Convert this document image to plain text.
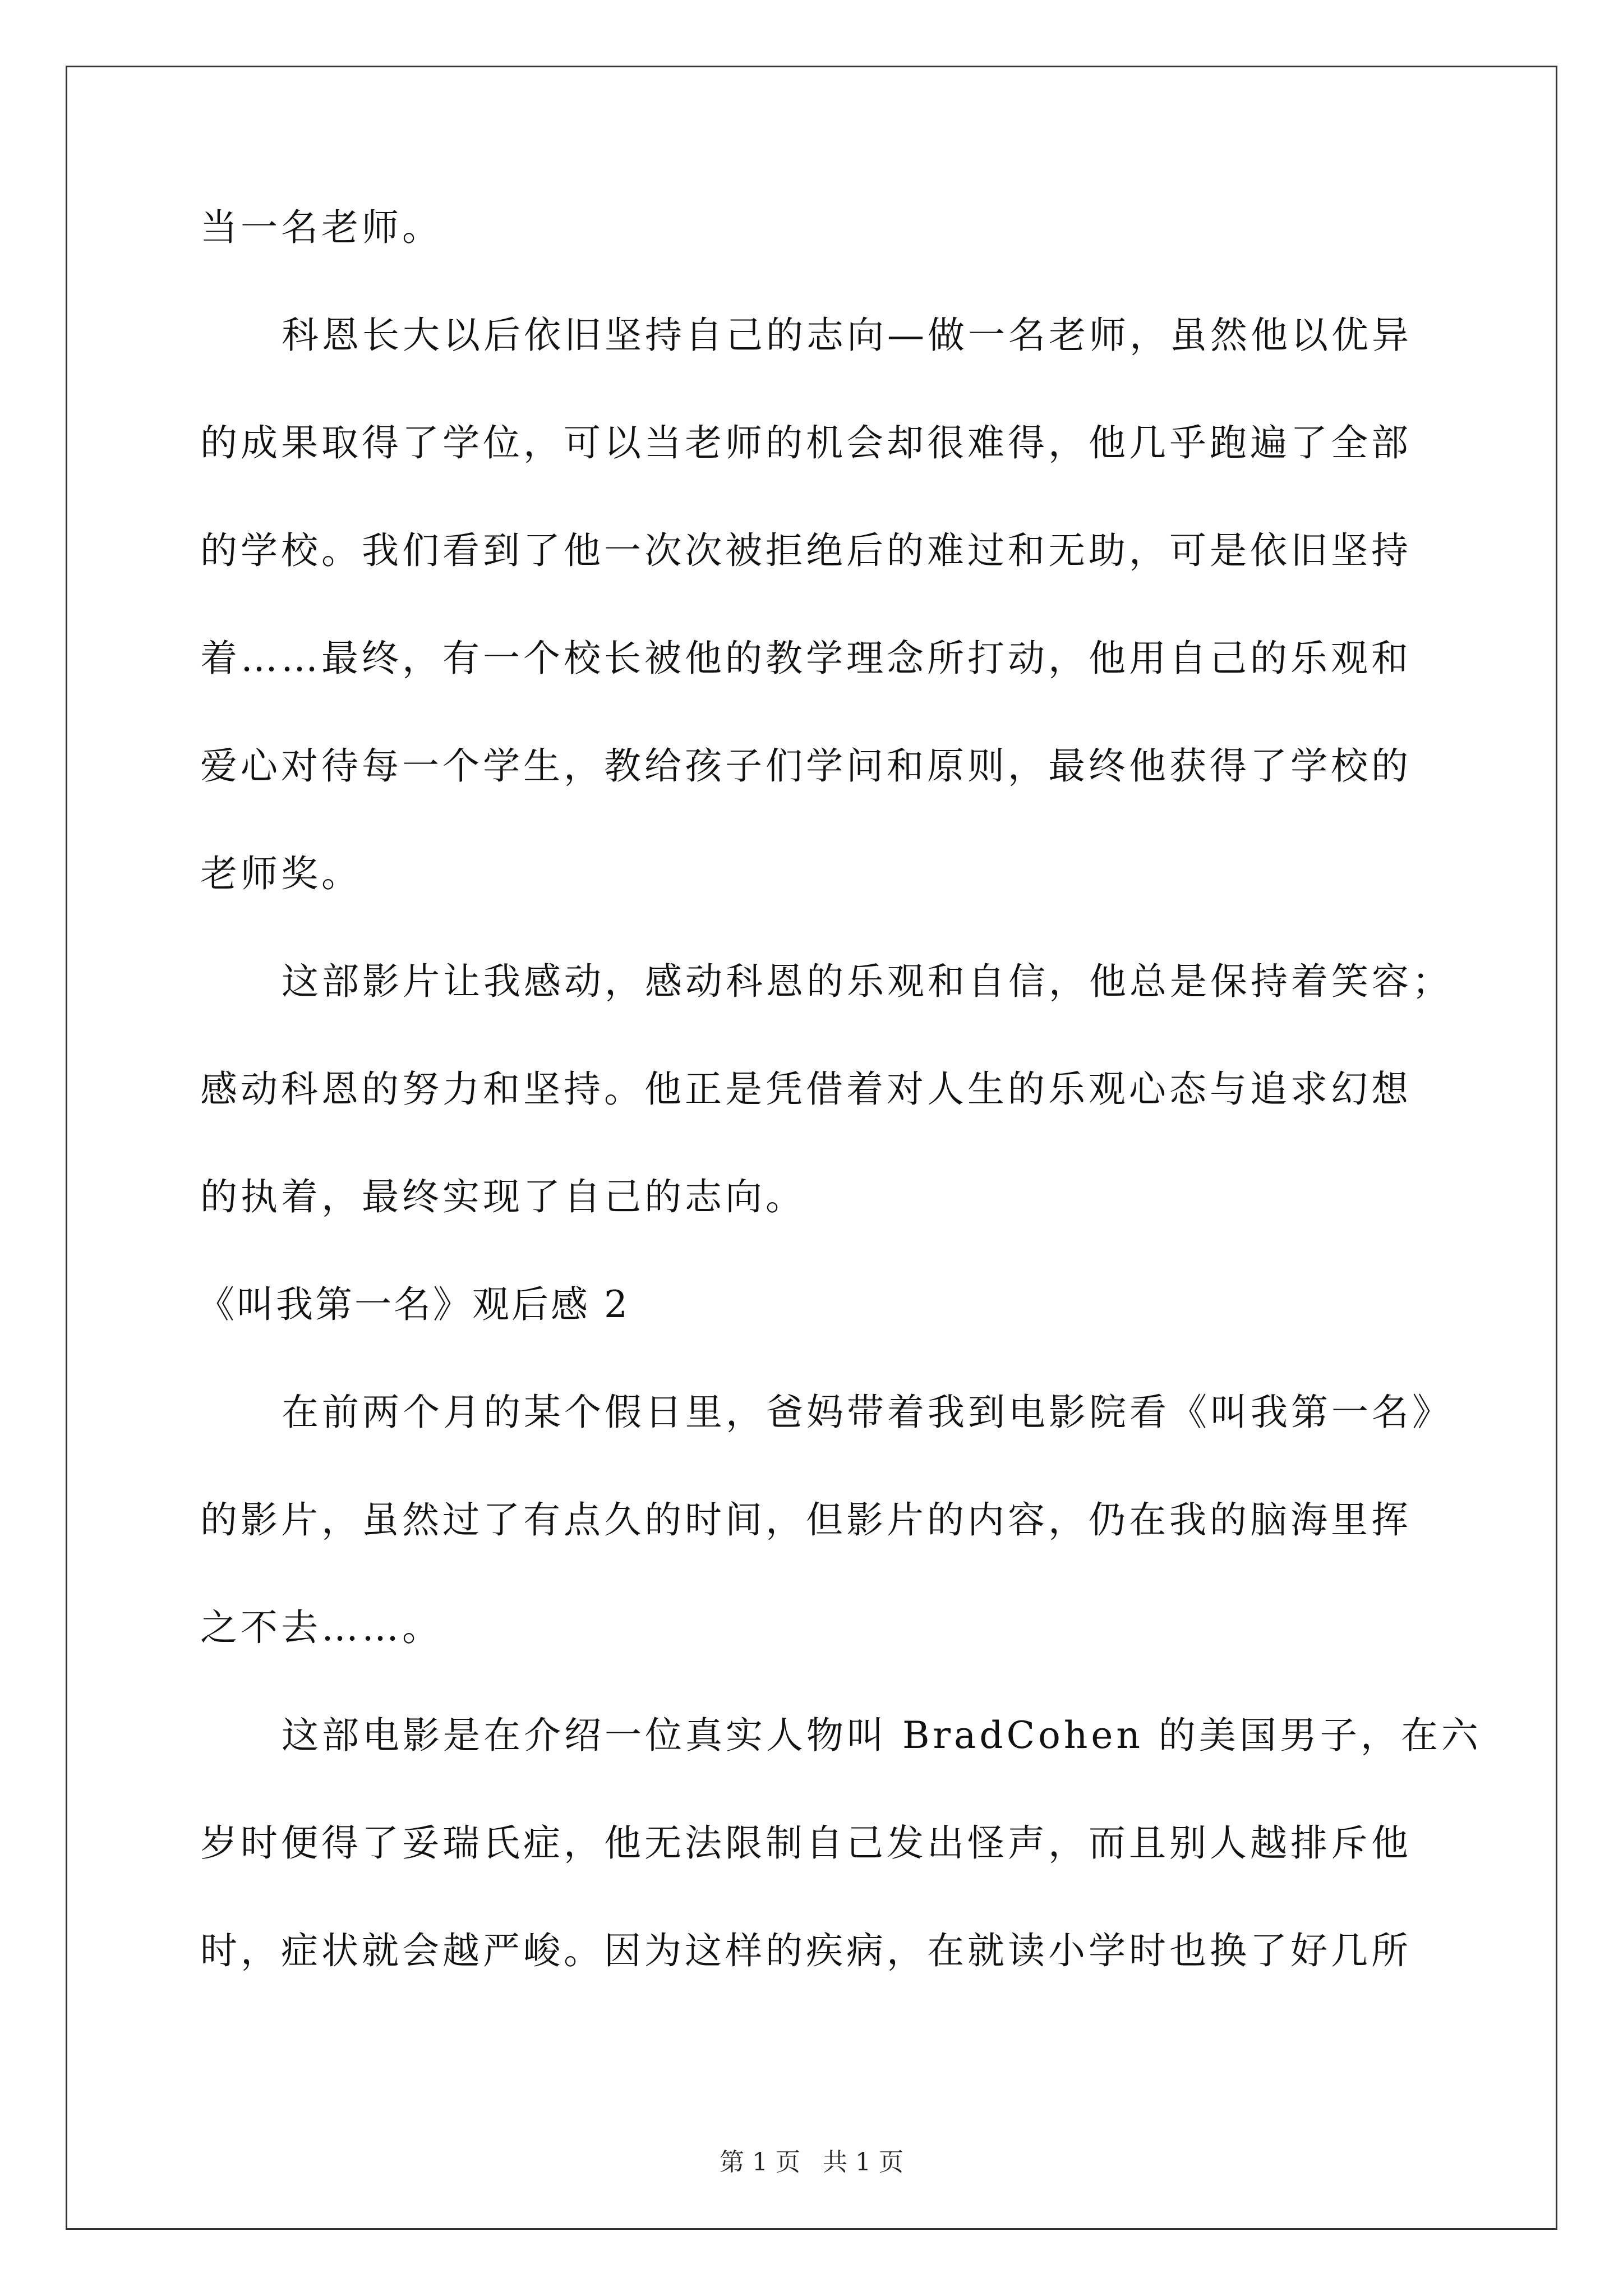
当一名老师。
科恩长大以后依旧坚持自己的志向—做一名老师，虽然他以优异
的成果取得了学位，可以当老师的机会却很难得，他几乎跑遍了全部
的学校。我们看到了他一次次被拒绝后的难过和无助，可是依旧坚持
着……最终，有一个校长被他的教学理念所打动，他用自己的乐观和
爱心对待每一个学生，教给孩子们学问和原则，最终他获得了学校的
老师奖。
这部影片让我感动，感动科恩的乐观和自信，他总是保持着笑容；
感动科恩的努力和坚持。他正是凭借着对人生的乐观心态与追求幻想
的执着，最终实现了自己的志向。
《叫我第一名》观后感 2
在前两个月的某个假日里，爸妈带着我到电影院看《叫我第一名》
的影片，虽然过了有点久的时间，但影片的内容，仍在我的脑海里挥
之不去……。
这部电影是在介绍一位真实人物叫 BradCohen 的美国男子，在六
岁时便得了妥瑞氏症，他无法限制自己发出怪声，而且别人越排斥他
时，症状就会越严峻。因为这样的疾病，在就读小学时也换了好几所
第 1 页 共 1 页
